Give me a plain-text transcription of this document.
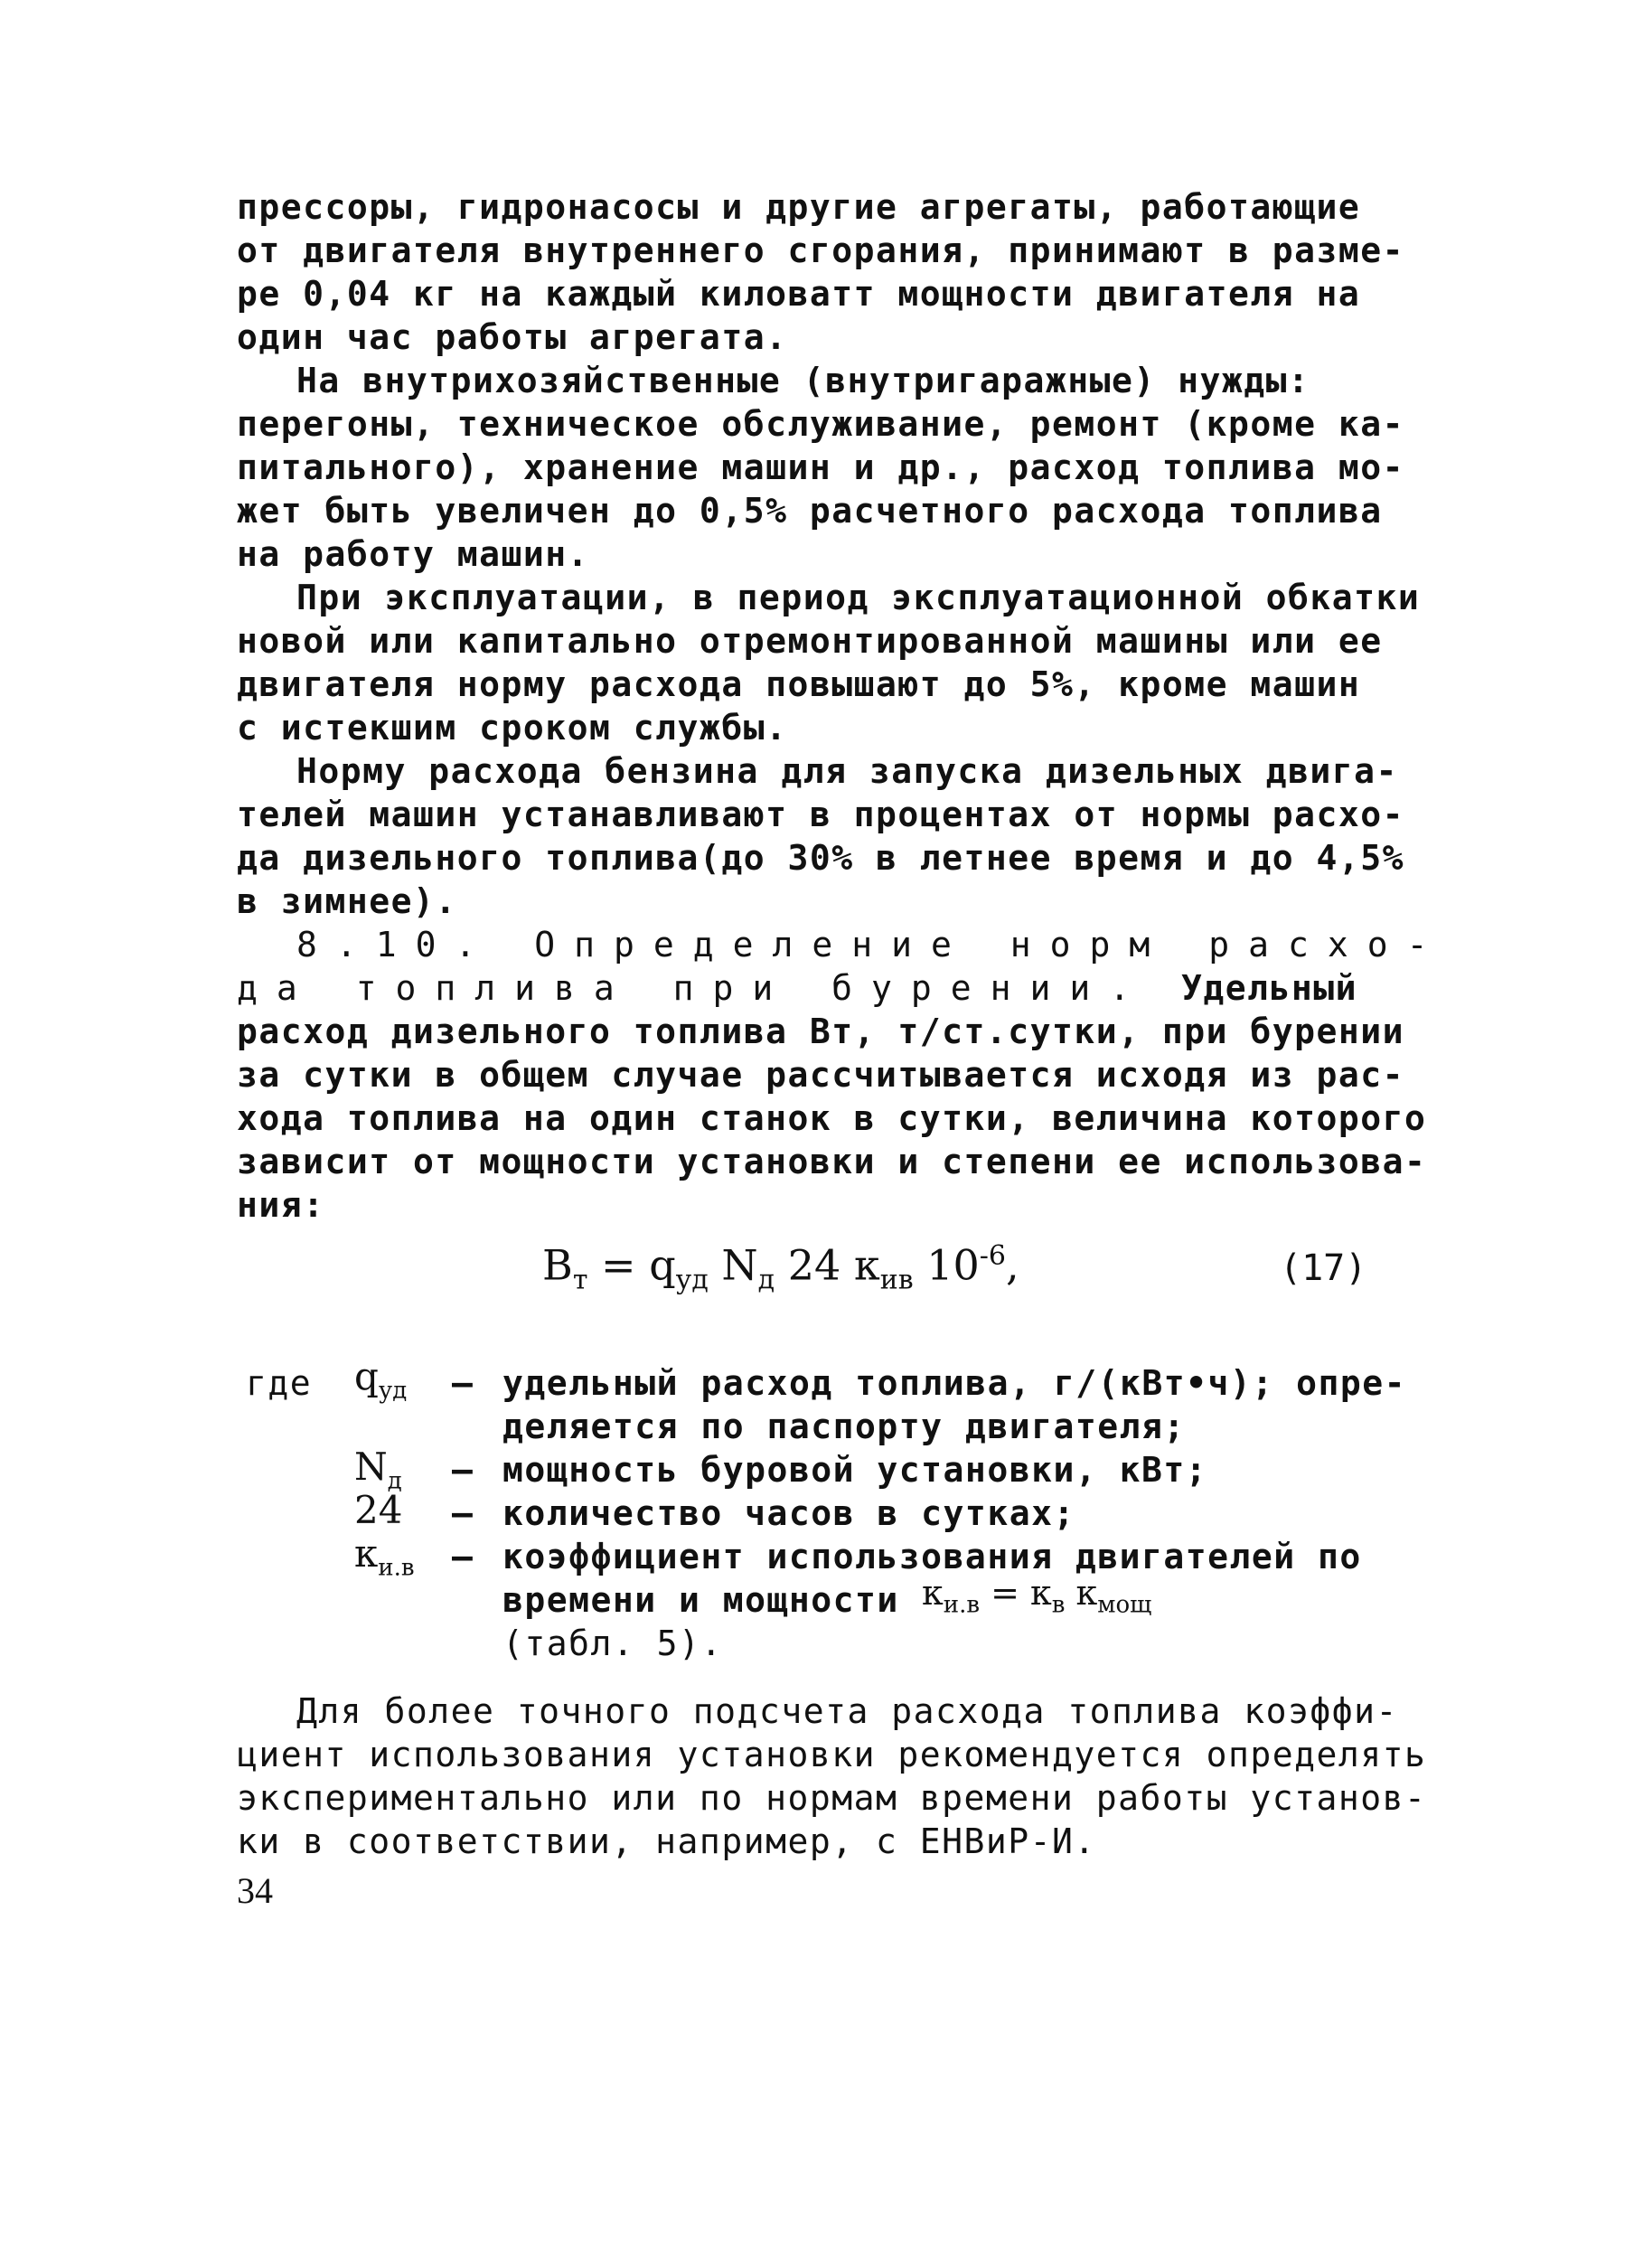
прессоры, гидронасосы и другие агрегаты, работающие
от двигателя внутреннего сгорания, принимают в разме-
ре 0,04 кг на каждый киловатт мощности двигателя на
один час работы агрегата.
На внутрихозяйственные (внутригаражные) нужды:
перегоны, техническое обслуживание, ремонт (кроме ка-
питального), хранение машин и др., расход топлива мо-
жет быть увеличен до 0,5% расчетного расхода топлива
на работу машин.
При эксплуатации, в период эксплуатационной обкатки
новой или капитально отремонтированной машины или ее
двигателя норму расхода повышают до 5%, кроме машин
с истекшим сроком службы.
Норму расхода бензина для запуска дизельных двига-
телей машин устанавливают в процентах от нормы расхо-
да дизельного топлива(до 30% в летнее время и до 4,5%
в зимнее).
8.10. Определение норм расхо-
да топлива при бурении. Удельный
расход дизельного топлива Bт, т/ст.сутки, при бурении
за сутки в общем случае рассчитывается исходя из рас-
хода топлива на один станок в сутки, величина которого
зависит от мощности установки и степени ее использова-
ния:
$B_т = q_{уд}$ $N_д$ 24 $к_{ив}$ $10^{-6}$,	(17)
где $q_{уд}$ – удельный расход топлива, г/(кВт•ч); опре-
деляется по паспорту двигателя;
$N_д$ – мощность буровой установки, кВт;
24 – количество часов в сутках;
$к_{и.в}$ – коэффициент использования двигателей по
времени и мощности $к_{и.в} = к_в$ $к_{мощ}$
(табл. 5).
Для более точного подсчета расхода топлива коэффи-
циент использования установки рекомендуется определять
экспериментально или по нормам времени работы установ-
ки в соответствии, например, с ЕНВиР-И.
34
